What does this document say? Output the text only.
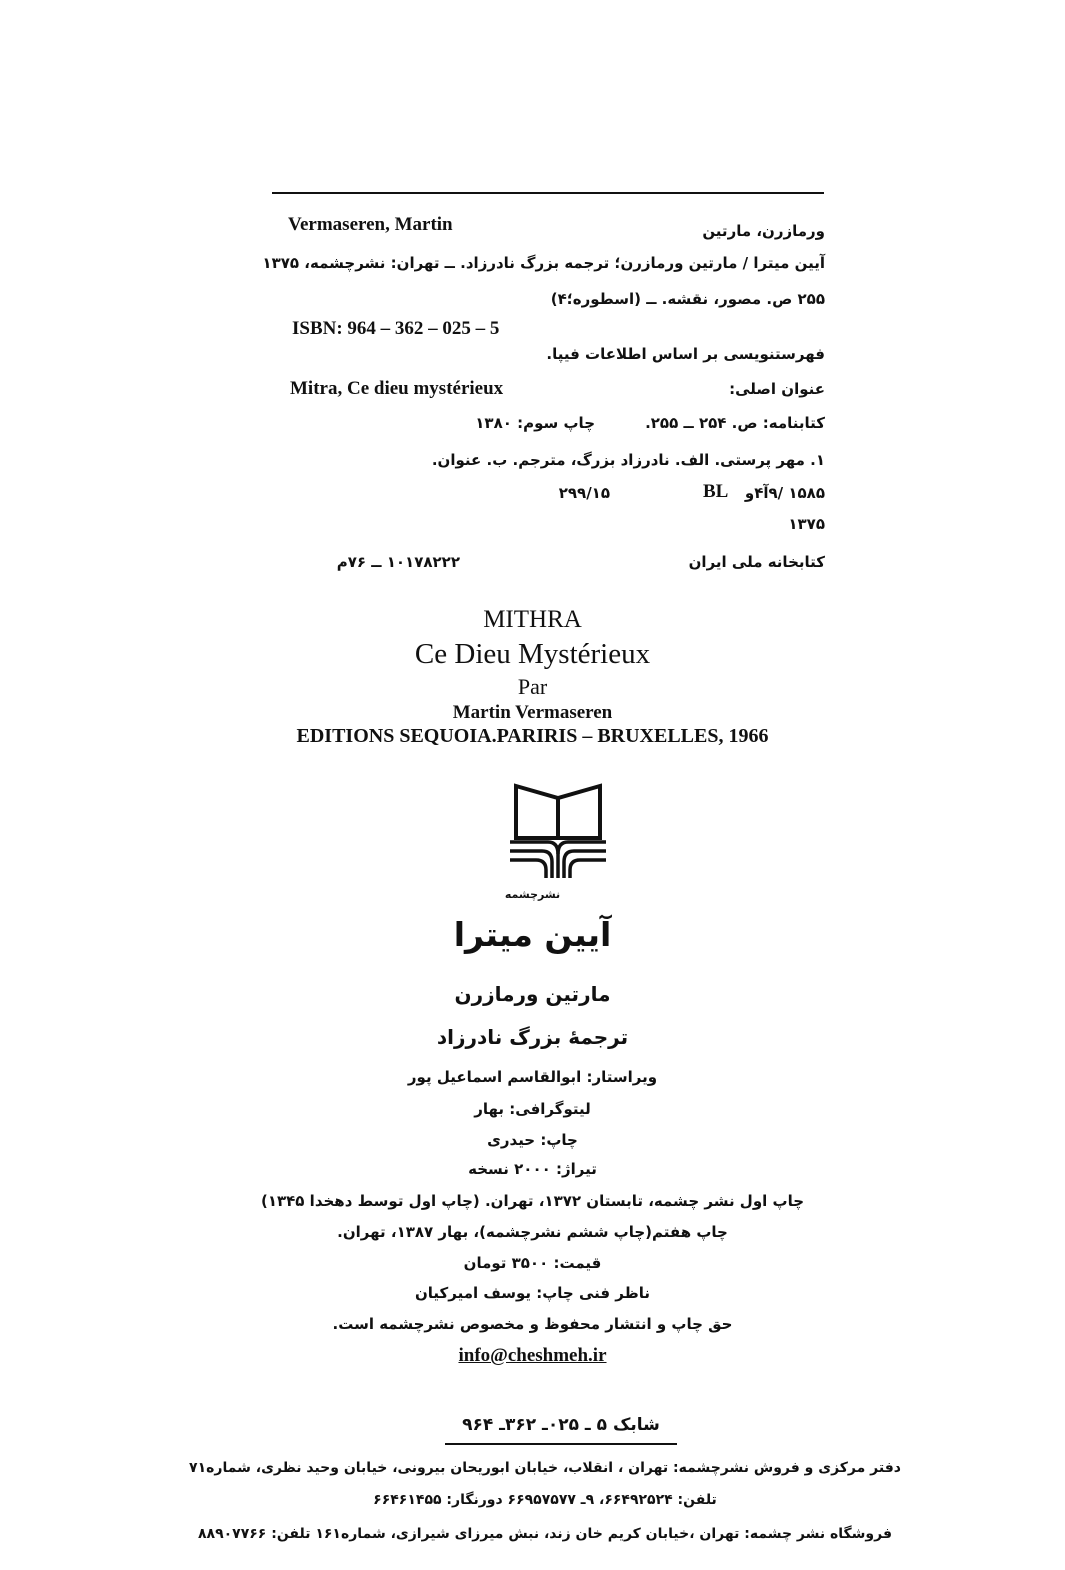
Vermaseren, Martin	ورمازرن، مارتین
آیین میترا / مارتین ورمازرن؛ ترجمه بزرگ نادرزاد. ــ تهران: نشرچشمه، ۱۳۷۵
۲۵۵ ص. مصور، نقشه. ــ (اسطوره؛۴)
ISBN: 964 – 362 – 025 – 5
فهرستنویسی بر اساس اطلاعات فیپا.
Mitra, Ce dieu mystérieux	عنوان اصلی:
کتابنامه: ص. ۲۵۴ ــ ۲۵۵.
چاپ سوم: ۱۳۸۰
۱. مهر پرستی. الف. نادرزاد بزرگ، مترجم. ب. عنوان.
۱۵۸۵ /۹آ۴و
BL
۲۹۹/۱۵
۱۳۷۵
کتابخانه ملی ایران
۱۰۱۷۸۲۲۲ ــ ۷۶م
MITHRA
Ce Dieu Mystérieux
Par
Martin Vermaseren
EDITIONS SEQUOIA.PARIRIS – BRUXELLES, 1966
نشرچشمه
آیین میترا
مارتین ورمازرن
ترجمهٔ بزرگ نادرزاد
ویراستار: ابوالقاسم اسماعیل پور
لیتوگرافی: بهار
چاپ: حیدری
تیراژ: ۲۰۰۰ نسخه
چاپ اول نشر چشمه، تابستان ۱۳۷۲، تهران. (چاپ اول توسط دهخدا ۱۳۴۵)
چاپ هفتم(چاپ ششم نشرچشمه)، بهار ۱۳۸۷، تهران.
قیمت: ۳۵۰۰ تومان
ناظر فنی چاپ: یوسف امیرکیان
حق چاپ و انتشار محفوظ و مخصوص نشرچشمه است.
info@cheshmeh.ir
شابک ۵ ـ ۰۲۵ـ ۳۶۲ـ ۹۶۴
دفتر مرکزی و فروش نشرچشمه: تهران ، انقلاب، خیابان ابوریحان بیرونی، خیابان وحید نظری، شماره۷۱
تلفن: ۶۶۴۹۲۵۲۴، ۹ـ ۶۶۹۵۷۵۷۷ دورنگار: ۶۶۴۶۱۴۵۵
فروشگاه نشر چشمه: تهران ،خیابان کریم خان زند، نبش میرزای شیرازی، شماره۱۶۱ تلفن: ۸۸۹۰۷۷۶۶
